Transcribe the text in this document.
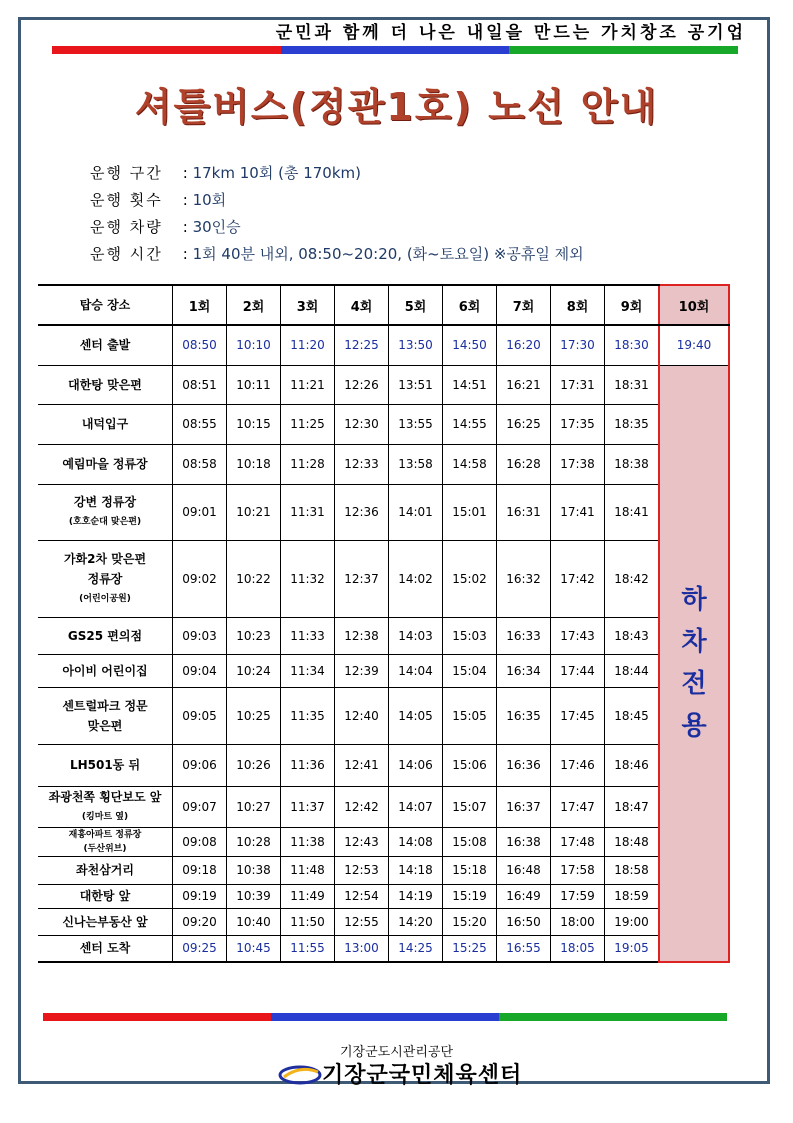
군민과 함께 더 나은 내일을 만드는 가치창조 공기업
셔틀버스(정관1호) 노선 안내
운행 구간	: 17km 10회 (총 170km)
운행 횟수	: 10회
운행 차량	: 30인승
운행 시간	: 1회 40분 내외, 08:50~20:20, (화~토요일) ※공휴일 제외
탑승 장소	1회	2회	3회	4회	5회	6회	7회	8회	9회	10회

센터 출발	08:50	10:10	11:20	12:25	13:50	14:50	16:20	17:30	18:30	19:40

대한탕 맞은편	08:51	10:11	11:21	12:26	13:51	14:51	16:21	17:31	18:31	하
차
전
용

내덕입구	08:55	10:15	11:25	12:30	13:55	14:55	16:25	17:35	18:35	

예림마을 정류장	08:58	10:18	11:28	12:33	13:58	14:58	16:28	17:38	18:38	

강변 정류장
(호호순대 맞은편)	09:01	10:21	11:31	12:36	14:01	15:01	16:31	17:41	18:41	

가화2차 맞은편
정류장
(어린이공원)	09:02	10:22	11:32	12:37	14:02	15:02	16:32	17:42	18:42	

GS25 편의점	09:03	10:23	11:33	12:38	14:03	15:03	16:33	17:43	18:43	

아이비 어린이집	09:04	10:24	11:34	12:39	14:04	15:04	16:34	17:44	18:44	

센트럴파크 정문
맞은편	09:05	10:25	11:35	12:40	14:05	15:05	16:35	17:45	18:45	

LH501동 뒤	09:06	10:26	11:36	12:41	14:06	15:06	16:36	17:46	18:46	

좌광천쪽 횡단보도 앞
(킹마트 옆)	09:07	10:27	11:37	12:42	14:07	15:07	16:37	17:47	18:47	

재흥아파트 정류장
(두산위브)	09:08	10:28	11:38	12:43	14:08	15:08	16:38	17:48	18:48	

좌천삼거리	09:18	10:38	11:48	12:53	14:18	15:18	16:48	17:58	18:58	

대한탕 앞	09:19	10:39	11:49	12:54	14:19	15:19	16:49	17:59	18:59	

신나는부동산 앞	09:20	10:40	11:50	12:55	14:20	15:20	16:50	18:00	19:00	

센터 도착	09:25	10:45	11:55	13:00	14:25	15:25	16:55	18:05	19:05	
기장군도시관리공단
기장군국민체육센터
